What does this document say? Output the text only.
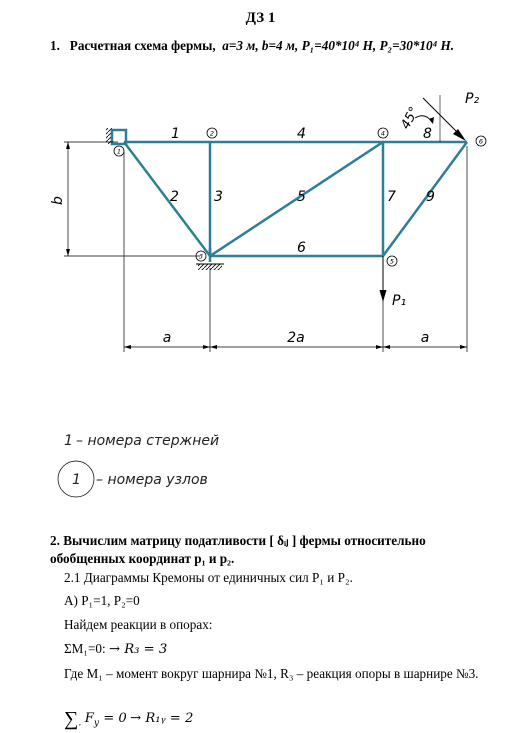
ДЗ 1
1. Расчетная схема фермы, a=3 м, b=4 м, P₁=40*10⁴ Н, P₂=30*10⁴ Н.
1
2
3
4
5
6
1
2	3
4
5
6
7
8
9
P₁
P₂
45°
b
a	2a	a
1 – номера стержней
1 – номера узлов
2. Вычислим матрицу податливости [ δᵢⱼ ] фермы относительно обобщенных координат p₁ и p₂.
2.1 Диаграммы Кремоны от единичных сил P₁ и P₂.
А) P₁=1, P₂=0
Найдем реакции в опорах:
ΣM₁=0: → R₃ = 3
Где M₁ – момент вокруг шарнира №1, R₃ – реакция опоры в шарнире №3.
$\sum_.$ $F_y = 0$ → R₁ᵧ = 2
